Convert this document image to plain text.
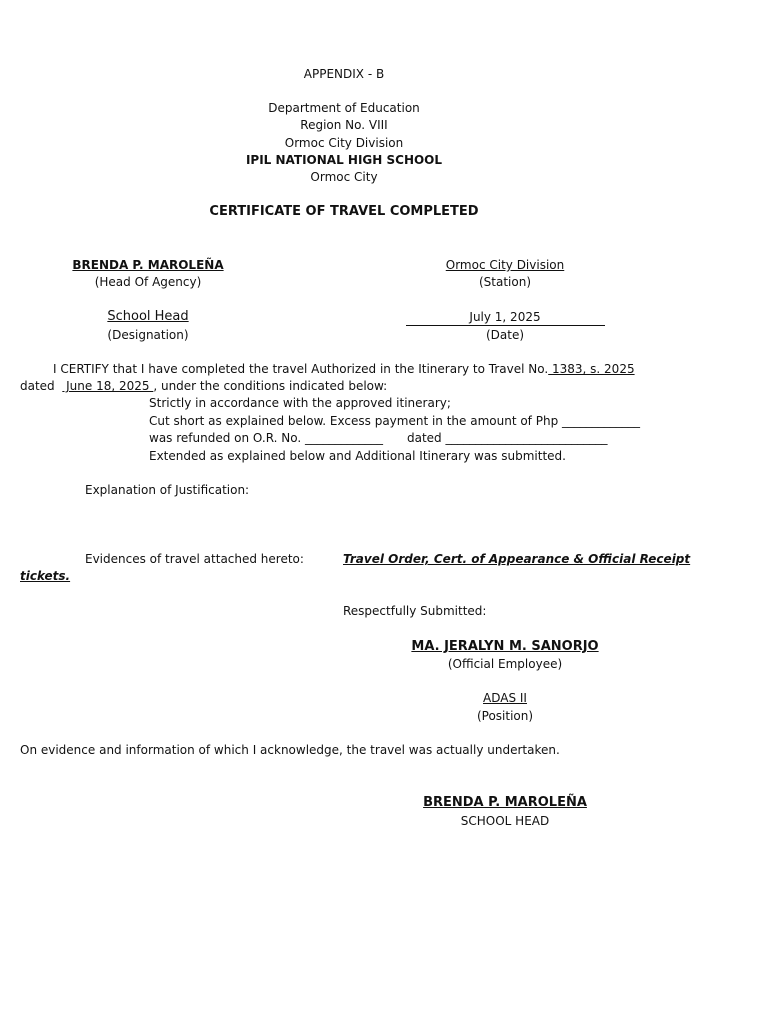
APPENDIX - B
Department of Education
Region No. VIII
Ormoc City Division
IPIL NATIONAL HIGH SCHOOL
Ormoc City
CERTIFICATE OF TRAVEL COMPLETED
BRENDA P. MAROLEÑA
(Head Of Agency)
Ormoc City Division
(Station)
School Head
(Designation)
July 1, 2025
(Date)
I CERTIFY that I have completed the travel Authorized in the Itinerary to Travel No. 1383, s. 2025
dated   June 18, 2025 , under the conditions indicated below:
Strictly in accordance with the approved itinerary;
Cut short as explained below. Excess payment in the amount of Php _____________
was refunded on O.R. No. _____________ dated ___________________________
Extended as explained below and Additional Itinerary was submitted.
Explanation of Justification:
Evidences of travel attached hereto:	Travel Order, Cert. of Appearance & Official Receipt
tickets.
Respectfully Submitted:
MA. JERALYN M. SANORJO
(Official Employee)
ADAS II
(Position)
On evidence and information of which I acknowledge, the travel was actually undertaken.
BRENDA P. MAROLEÑA
SCHOOL HEAD
